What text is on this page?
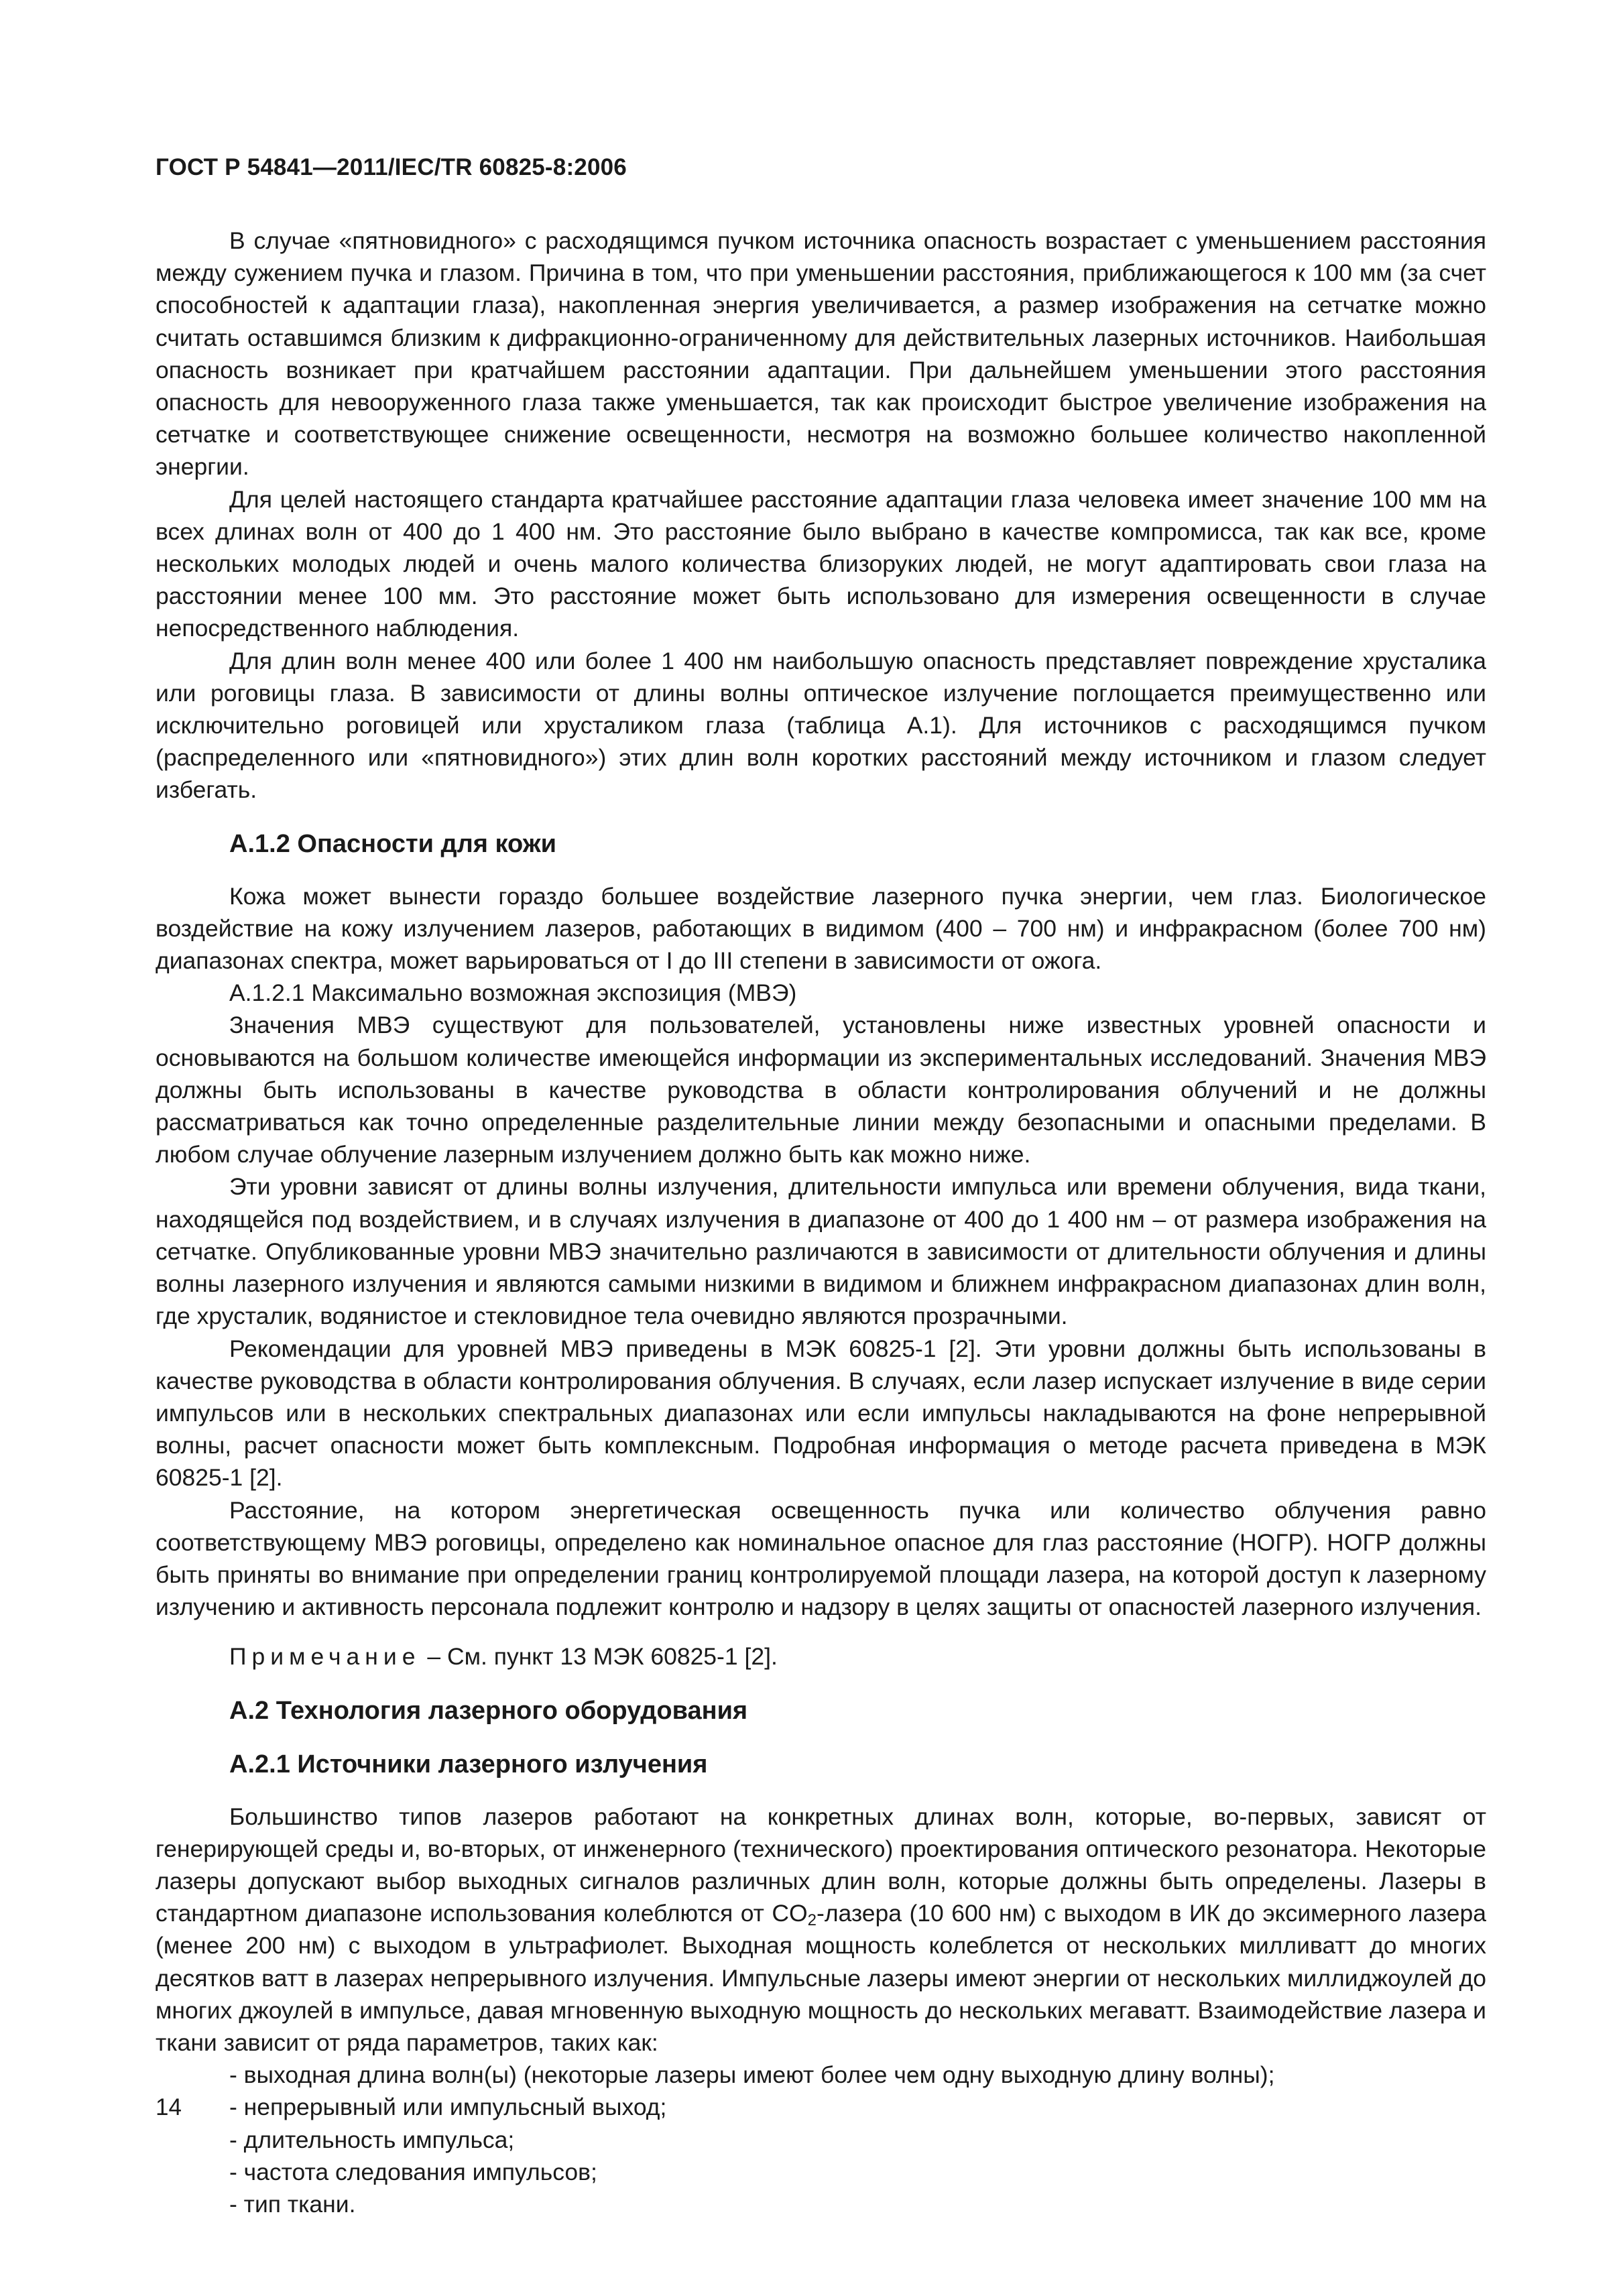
ГОСТ Р 54841—2011/IEC/TR 60825-8:2006

В случае «пятновидного» с расходящимся пучком источника опасность возрастает с уменьшением расстояния между сужением пучка и глазом. Причина в том, что при уменьшении расстояния, приближающегося к 100 мм (за счет способностей к адаптации глаза), накопленная энергия увеличивается, а размер изображения на сетчатке можно считать оставшимся близким к дифракционно-ограниченному для действительных лазерных источников. Наибольшая опасность возникает при кратчайшем расстоянии адаптации. При дальнейшем уменьшении этого расстояния опасность для невооруженного глаза также уменьшается, так как происходит быстрое увеличение изображения на сетчатке и соответствующее снижение освещенности, несмотря на возможно большее количество накопленной энергии.

Для целей настоящего стандарта кратчайшее расстояние адаптации глаза человека имеет значение 100 мм на всех длинах волн от 400 до 1 400 нм. Это расстояние было выбрано в качестве компромисса, так как все, кроме нескольких молодых людей и очень малого количества близоруких людей, не могут адаптировать свои глаза на расстоянии менее 100 мм. Это расстояние может быть использовано для измерения освещенности в случае непосредственного наблюдения.

Для длин волн менее 400 или более 1 400 нм наибольшую опасность представляет повреждение хрусталика или роговицы глаза. В зависимости от длины волны оптическое излучение поглощается преимущественно или исключительно роговицей или хрусталиком глаза (таблица А.1). Для источников с расходящимся пучком (распределенного или «пятновидного») этих длин волн коротких расстояний между источником и глазом следует избегать.

А.1.2 Опасности для кожи

Кожа может вынести гораздо большее воздействие лазерного пучка энергии, чем глаз. Биологическое воздействие на кожу излучением лазеров, работающих в видимом (400 – 700 нм) и инфракрасном (более 700 нм) диапазонах спектра, может варьироваться от I до III степени в зависимости от ожога.

А.1.2.1 Максимально возможная экспозиция (МВЭ)

Значения МВЭ существуют для пользователей, установлены ниже известных уровней опасности и основываются на большом количестве имеющейся информации из экспериментальных исследований. Значения МВЭ должны быть использованы в качестве руководства в области контролирования облучений и не должны рассматриваться как точно определенные разделительные линии между безопасными и опасными пределами. В любом случае облучение лазерным излучением должно быть как можно ниже.

Эти уровни зависят от длины волны излучения, длительности импульса или времени облучения, вида ткани, находящейся под воздействием, и в случаях излучения в диапазоне от 400 до 1 400 нм – от размера изображения на сетчатке. Опубликованные уровни МВЭ значительно различаются в зависимости от длительности облучения и длины волны лазерного излучения и являются самыми низкими в видимом и ближнем инфракрасном диапазонах длин волн, где хрусталик, водянистое и стекловидное тела очевидно являются прозрачными.

Рекомендации для уровней МВЭ приведены в МЭК 60825-1 [2]. Эти уровни должны быть использованы в качестве руководства в области контролирования облучения. В случаях, если лазер испускает излучение в виде серии импульсов или в нескольких спектральных диапазонах или если импульсы накладываются на фоне непрерывной волны, расчет опасности может быть комплексным. Подробная информация о методе расчета приведена в МЭК 60825-1 [2].

Расстояние, на котором энергетическая освещенность пучка или количество облучения равно соответствующему МВЭ роговицы, определено как номинальное опасное для глаз расстояние (НОГР). НОГР должны быть приняты во внимание при определении границ контролируемой площади лазера, на которой доступ к лазерному излучению и активность персонала подлежит контролю и надзору в целях защиты от опасностей лазерного излучения.

Примечание – См. пункт 13 МЭК 60825-1 [2].

А.2 Технология лазерного оборудования
А.2.1 Источники лазерного излучения

Большинство типов лазеров работают на конкретных длинах волн, которые, во-первых, зависят от генерирующей среды и, во-вторых, от инженерного (технического) проектирования оптического резонатора. Некоторые лазеры допускают выбор выходных сигналов различных длин волн, которые должны быть определены. Лазеры в стандартном диапазоне использования колеблются от $CO_2$-лазера (10 600 нм) с выходом в ИК до эксимерного лазера (менее 200 нм) с выходом в ультрафиолет. Выходная мощность колеблется от нескольких милливатт до многих десятков ватт в лазерах непрерывного излучения. Импульсные лазеры имеют энергии от нескольких миллиджоулей до многих джоулей в импульсе, давая мгновенную выходную мощность до нескольких мегаватт. Взаимодействие лазера и ткани зависит от ряда параметров, таких как:

- выходная длина волн(ы) (некоторые лазеры имеют более чем одну выходную длину волны);
- непрерывный или импульсный выход;
- длительность импульса;
- частота следования импульсов;
- тип ткани.
14
